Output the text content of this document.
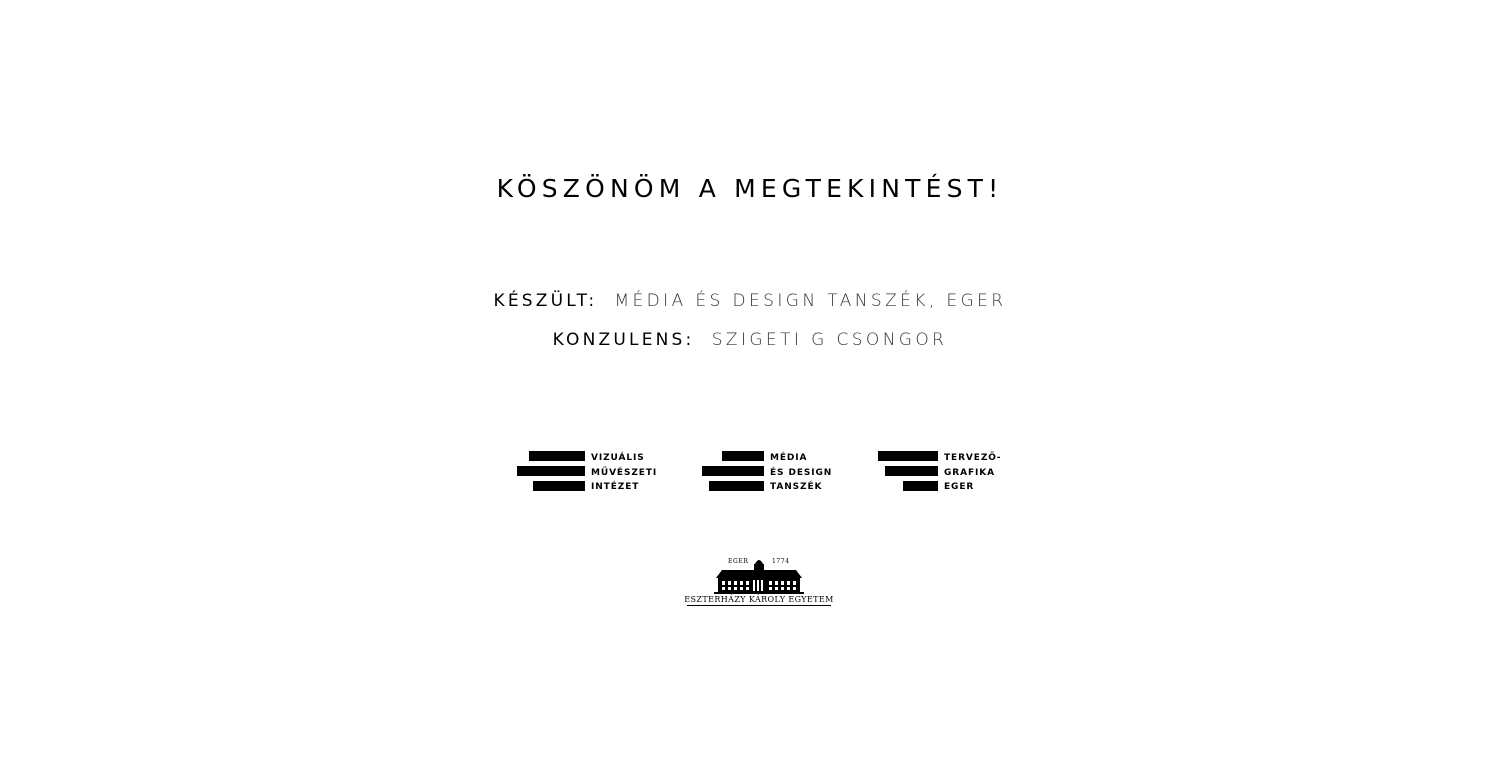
KÖSZÖNÖM A MEGTEKINTÉST!
KÉSZÜLT: MÉDIA ÉS DESIGN TANSZÉK, EGER
KONZULENS: SZIGETI G CSONGOR
VIZUÁLIS
MŰVÉSZETI
INTÉZET
MÉDIA
ÉS DESIGN
TANSZÉK
TERVEZŐ-
GRAFIKA
EGER
EGER	1774
ESZTERHÁZY KÁROLY EGYETEM
